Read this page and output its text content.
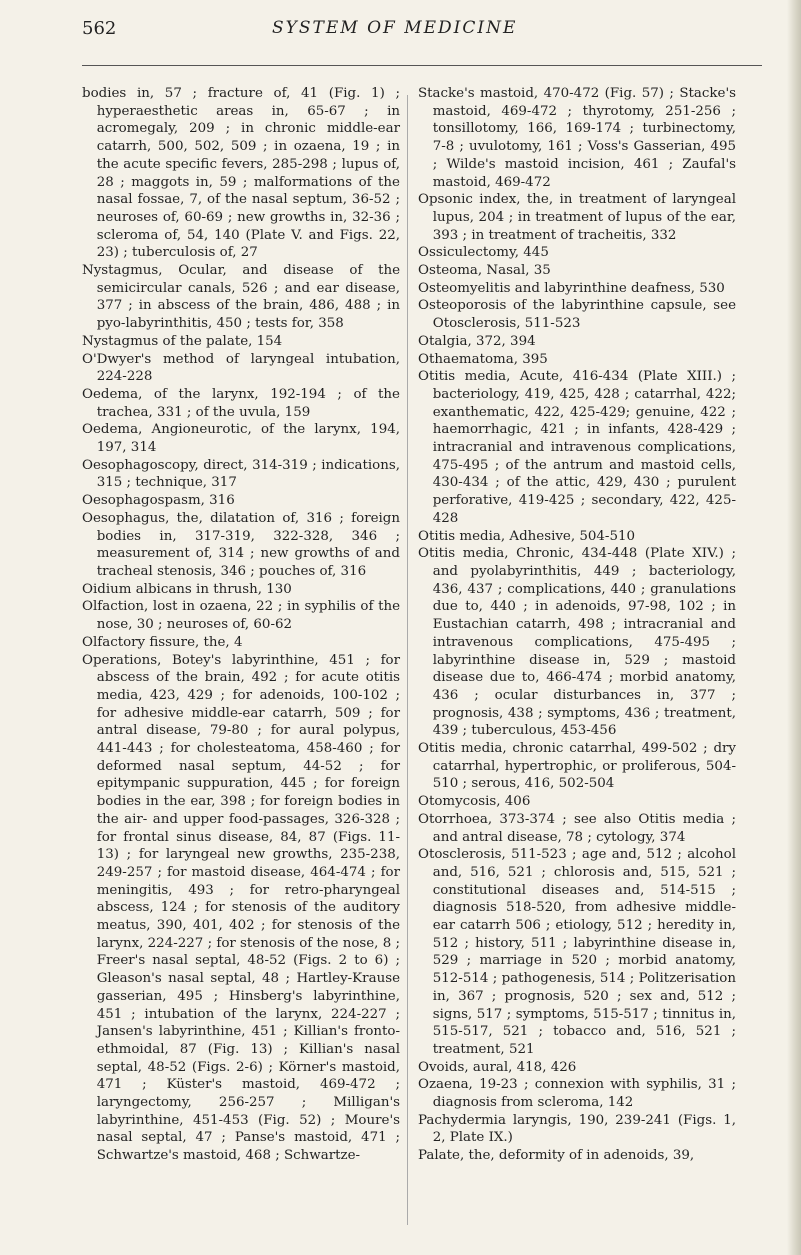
562	SYSTEM OF MEDICINE
bodies in, 57 ; fracture of, 41 (Fig. 1) ; hyperaesthetic areas in, 65-67 ; in acromegaly, 209 ; in chronic middle-ear catarrh, 500, 502, 509 ; in ozaena, 19 ; in the acute specific fevers, 285-298 ; lupus of, 28 ; maggots in, 59 ; malformations of the nasal fossae, 7, of the nasal septum, 36-52 ; neuroses of, 60-69 ; new growths in, 32-36 ; scleroma of, 54, 140 (Plate V. and Figs. 22, 23) ; tuberculosis of, 27
Nystagmus, Ocular, and disease of the semicircular canals, 526 ; and ear disease, 377 ; in abscess of the brain, 486, 488 ; in pyo-labyrinthitis, 450 ; tests for, 358
Nystagmus of the palate, 154
O'Dwyer's method of laryngeal intubation, 224-228
Oedema, of the larynx, 192-194 ; of the trachea, 331 ; of the uvula, 159
Oedema, Angioneurotic, of the larynx, 194, 197, 314
Oesophagoscopy, direct, 314-319 ; indications, 315 ; technique, 317
Oesophagospasm, 316
Oesophagus, the, dilatation of, 316 ; foreign bodies in, 317-319, 322-328, 346 ; measurement of, 314 ; new growths of and tracheal stenosis, 346 ; pouches of, 316
Oidium albicans in thrush, 130
Olfaction, lost in ozaena, 22 ; in syphilis of the nose, 30 ; neuroses of, 60-62
Olfactory fissure, the, 4
Operations, Botey's labyrinthine, 451 ; for abscess of the brain, 492 ; for acute otitis media, 423, 429 ; for adenoids, 100-102 ; for adhesive middle-ear catarrh, 509 ; for antral disease, 79-80 ; for aural polypus, 441-443 ; for cholesteatoma, 458-460 ; for deformed nasal septum, 44-52 ; for epitympanic suppuration, 445 ; for foreign bodies in the ear, 398 ; for foreign bodies in the air- and upper food-passages, 326-328 ; for frontal sinus disease, 84, 87 (Figs. 11-13) ; for laryngeal new growths, 235-238, 249-257 ; for mastoid disease, 464-474 ; for meningitis, 493 ; for retro-pharyngeal abscess, 124 ; for stenosis of the auditory meatus, 390, 401, 402 ; for stenosis of the larynx, 224-227 ; for stenosis of the nose, 8 ; Freer's nasal septal, 48-52 (Figs. 2 to 6) ; Gleason's nasal septal, 48 ; Hartley-Krause gasserian, 495 ; Hinsberg's labyrinthine, 451 ; intubation of the larynx, 224-227 ; Jansen's labyrinthine, 451 ; Killian's fronto-ethmoidal, 87 (Fig. 13) ; Killian's nasal septal, 48-52 (Figs. 2-6) ; Körner's mastoid, 471 ; Küster's mastoid, 469-472 ; laryngectomy, 256-257 ; Milligan's labyrinthine, 451-453 (Fig. 52) ; Moure's nasal septal, 47 ; Panse's mastoid, 471 ; Schwartze's mastoid, 468 ; Schwartze-
Stacke's mastoid, 470-472 (Fig. 57) ; Stacke's mastoid, 469-472 ; thyrotomy, 251-256 ; tonsillotomy, 166, 169-174 ; turbinectomy, 7-8 ; uvulotomy, 161 ; Voss's Gasserian, 495 ; Wilde's mastoid incision, 461 ; Zaufal's mastoid, 469-472
Opsonic index, the, in treatment of laryngeal lupus, 204 ; in treatment of lupus of the ear, 393 ; in treatment of tracheitis, 332
Ossiculectomy, 445
Osteoma, Nasal, 35
Osteomyelitis and labyrinthine deafness, 530
Osteoporosis of the labyrinthine capsule, see Otosclerosis, 511-523
Otalgia, 372, 394
Othaematoma, 395
Otitis media, Acute, 416-434 (Plate XIII.) ; bacteriology, 419, 425, 428 ; catarrhal, 422; exanthematic, 422, 425-429; genuine, 422 ; haemorrhagic, 421 ; in infants, 428-429 ; intracranial and intravenous complications, 475-495 ; of the antrum and mastoid cells, 430-434 ; of the attic, 429, 430 ; purulent perforative, 419-425 ; secondary, 422, 425-428
Otitis media, Adhesive, 504-510
Otitis media, Chronic, 434-448 (Plate XIV.) ; and pyolabyrinthitis, 449 ; bacteriology, 436, 437 ; complications, 440 ; granulations due to, 440 ; in adenoids, 97-98, 102 ; in Eustachian catarrh, 498 ; intracranial and intravenous complications, 475-495 ; labyrinthine disease in, 529 ; mastoid disease due to, 466-474 ; morbid anatomy, 436 ; ocular disturbances in, 377 ; prognosis, 438 ; symptoms, 436 ; treatment, 439 ; tuberculous, 453-456
Otitis media, chronic catarrhal, 499-502 ; dry catarrhal, hypertrophic, or proliferous, 504-510 ; serous, 416, 502-504
Otomycosis, 406
Otorrhoea, 373-374 ; see also Otitis media ; and antral disease, 78 ; cytology, 374
Otosclerosis, 511-523 ; age and, 512 ; alcohol and, 516, 521 ; chlorosis and, 515, 521 ; constitutional diseases and, 514-515 ; diagnosis 518-520, from adhesive middle-ear catarrh 506 ; etiology, 512 ; heredity in, 512 ; history, 511 ; labyrinthine disease in, 529 ; marriage in 520 ; morbid anatomy, 512-514 ; pathogenesis, 514 ; Politzerisation in, 367 ; prognosis, 520 ; sex and, 512 ; signs, 517 ; symptoms, 515-517 ; tinnitus in, 515-517, 521 ; tobacco and, 516, 521 ; treatment, 521
Ovoids, aural, 418, 426
Ozaena, 19-23 ; connexion with syphilis, 31 ; diagnosis from scleroma, 142
Pachydermia laryngis, 190, 239-241 (Figs. 1, 2, Plate IX.)
Palate, the, deformity of in adenoids, 39,
